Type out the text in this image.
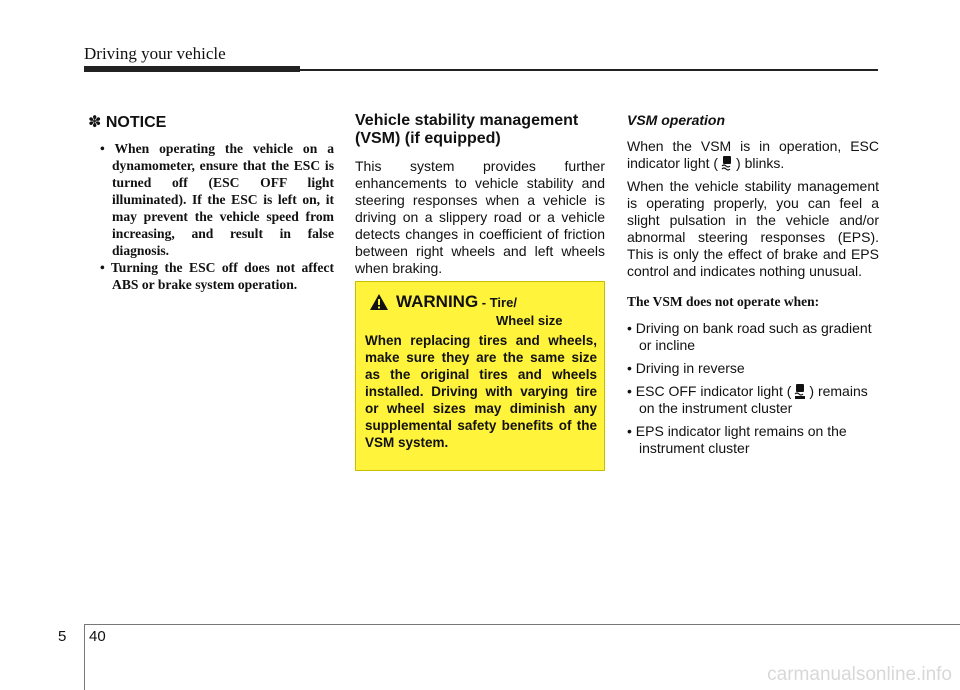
Driving your vehicle
✽ NOTICE
• When operating the vehicle on a dynamometer, ensure that the ESC is turned off (ESC OFF light illuminated). If the ESC is left on, it may prevent the vehicle speed from increasing, and result in false diagnosis.
• Turning the ESC off does not affect ABS or brake system operation.
Vehicle stability management (VSM) (if equipped)

This system provides further enhancements to vehicle stability and steering responses when a vehicle is driving on a slippery road or a vehicle detects changes in coefficient of friction between right wheels and left wheels when braking.

WARNING - Tire/
Wheel size

When replacing tires and wheels, make sure they are the same size as the original tires and wheels installed. Driving with varying tire or wheel sizes may diminish any supplemental safety benefits of the VSM system.

VSM operation

When the VSM is in operation, ESC indicator light ( ) blinks.

When the vehicle stability management is operating properly, you can feel a slight pulsation in the vehicle and/or abnormal steering responses (EPS). This is only the effect of brake and EPS control and indicates nothing unusual.

The VSM does not operate when:
• Driving on bank road such as gradient or incline
• Driving in reverse
• ESC OFF indicator light ( ) remains on the instrument cluster
• EPS indicator light remains on the instrument cluster
5 40
carmanualsonline.info
